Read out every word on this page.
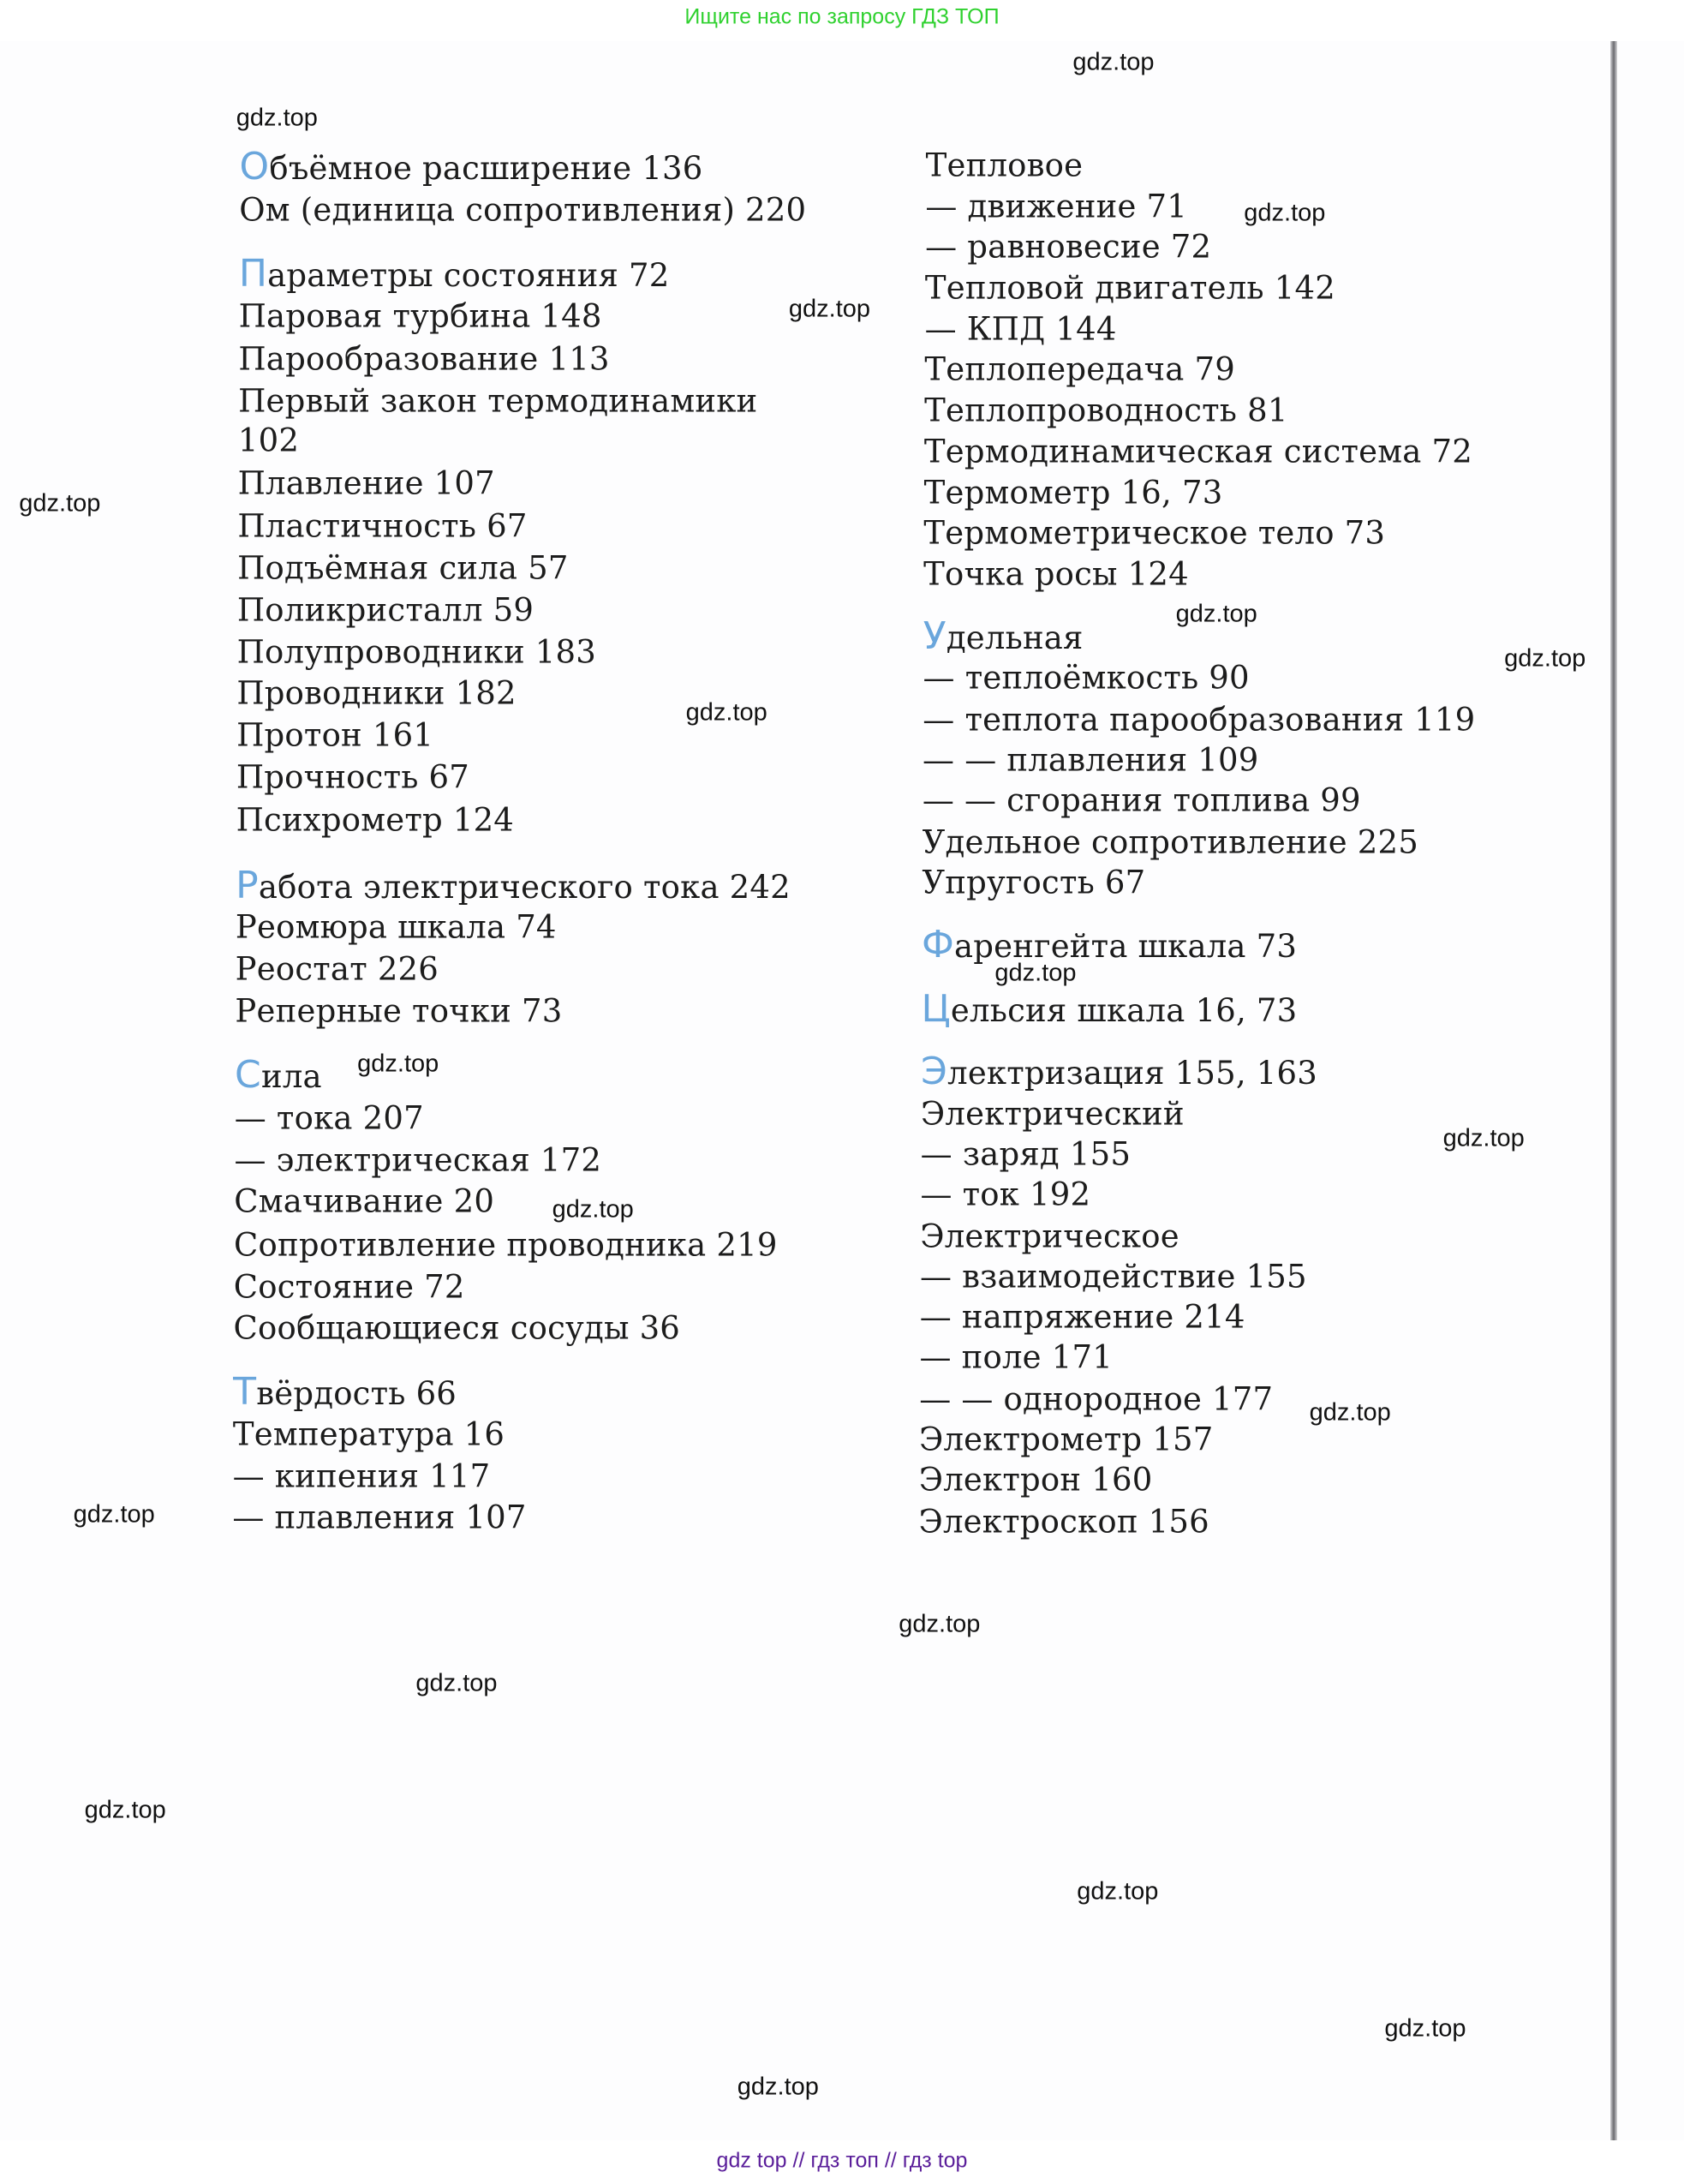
Ищите нас по запросу ГДЗ ТОП
Объёмное расширение 136
Ом (единица сопротивления) 220
Параметры состояния 72
Паровая турбина 148
Парообразование 113
Первый закон термодинамики
102
Плавление 107
Пластичность 67
Подъёмная сила 57
Поликристалл 59
Полупроводники 183
Проводники 182
Протон 161
Прочность 67
Психрометр 124
Работа электрического тока 242
Реомюра шкала 74
Реостат 226
Реперные точки 73
Сила
— тока 207
— электрическая 172
Смачивание 20
Сопротивление проводника 219
Состояние 72
Сообщающиеся сосуды 36
Твёрдость 66
Температура 16
— кипения 117
— плавления 107
Тепловое
— движение 71
— равновесие 72
Тепловой двигатель 142
— КПД 144
Теплопередача 79
Теплопроводность 81
Термодинамическая система 72
Термометр 16, 73
Термометрическое тело 73
Точка росы 124
Удельная
— теплоёмкость 90
— теплота парообразования 119
— — плавления 109
— — сгорания топлива 99
Удельное сопротивление 225
Упругость 67
Фаренгейта шкала 73
Цельсия шкала 16, 73
Электризация 155, 163
Электрический
— заряд 155
— ток 192
Электрическое
— взаимодействие 155
— напряжение 214
— поле 171
— — однородное 177
Электрометр 157
Электрон 160
Электроскоп 156
gdz.top
gdz.top
gdz.top
gdz.top
gdz.top
gdz.top
gdz.top
gdz.top
gdz.top
gdz.top
gdz.top
gdz.top
gdz.top
gdz.top
gdz.top
gdz.top
gdz.top
gdz.top
gdz.top
gdz.top
gdz top // гдз топ // гдз top
